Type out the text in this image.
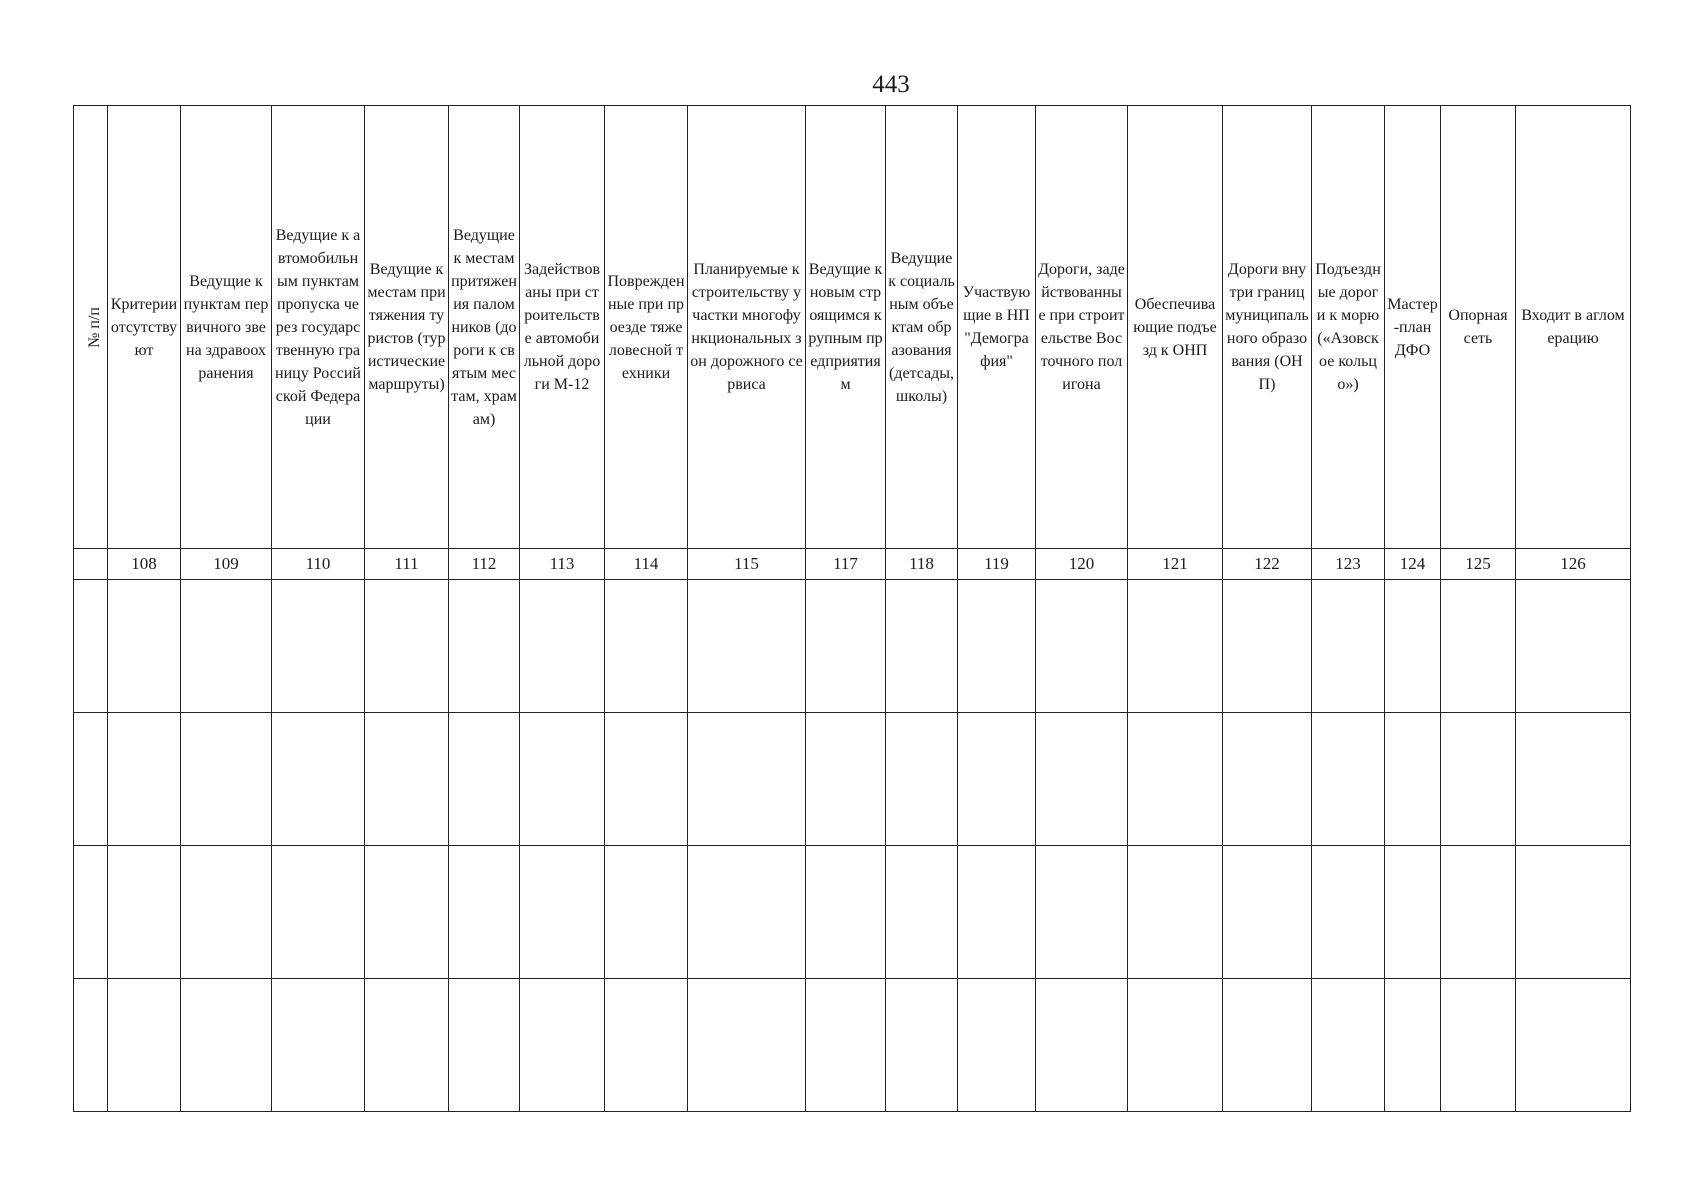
443
№ п/п	Критерии отсутствуют	Ведущие к пунктам первичного звена здравоохранения	Ведущие к автомобильным пунктам пропуска через государственную границу Российской Федерации	Ведущие к местам притяжения туристов (туристические маршруты)	Ведущие к местам притяжения паломников (дороги к святым местам, храмам)	Задействованы при строительстве автомобильной дороги М-12	Поврежденные при проезде тяжеловесной техники	Планируемые к строительству участки многофункциональных зон дорожного сервиса	Ведущие к новым строящимся крупным предприятиям	Ведущие к социальным объектам образования (детсады, школы)	Участвующие в НП "Демография"	Дороги, задействованные при строительстве Восточного полигона	Обеспечивающие подъезд к ОНП	Дороги внутри границ муниципального образования (ОНП)	Подъездные дороги к морю («Азовское кольцо»)	Мастер-план ДФО	Опорная сеть	Входит в агломерацию
	108	109	110	111	112	113	114	115	117	118	119	120	121	122	123	124	125	126
